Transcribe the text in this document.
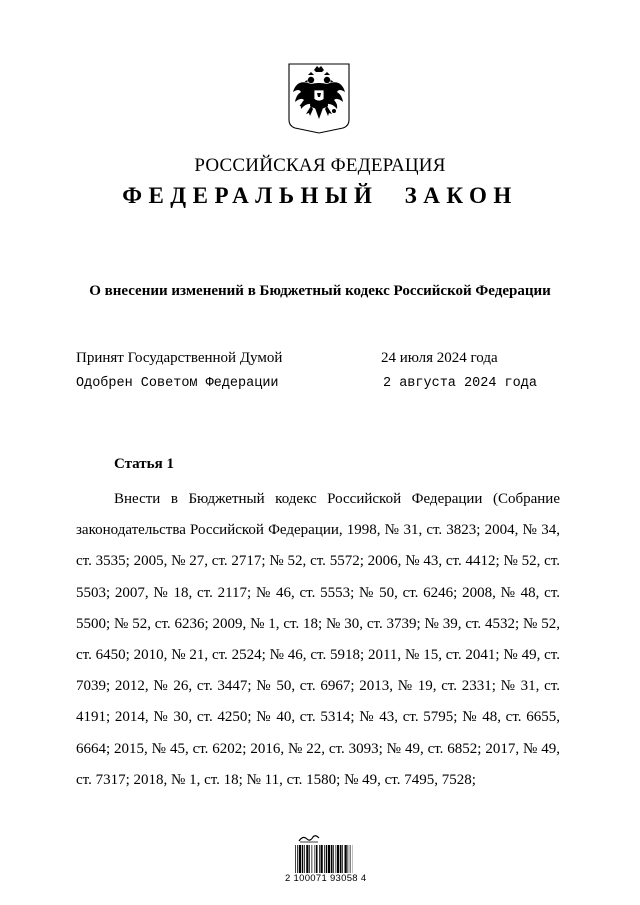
РОССИЙСКАЯ ФЕДЕРАЦИЯ
ФЕДЕРАЛЬНЫЙ ЗАКОН
О внесении изменений в Бюджетный кодекс Российской Федерации
Принят Государственной Думой	24 июля 2024 года
Одобрен Советом Федерации	2 августа 2024 года
Статья 1

Внести в Бюджетный кодекс Российской Федерации (Собрание законодательства Российской Федерации, 1998, № 31, ст. 3823; 2004, № 34, ст. 3535; 2005, № 27, ст. 2717; № 52, ст. 5572; 2006, № 43, ст. 4412; № 52, ст. 5503; 2007, № 18, ст. 2117; № 46, ст. 5553; № 50, ст. 6246; 2008, № 48, ст. 5500; № 52, ст. 6236; 2009, № 1, ст. 18; № 30, ст. 3739; № 39, ст. 4532; № 52, ст. 6450; 2010, № 21, ст. 2524; № 46, ст. 5918; 2011, № 15, ст. 2041; № 49, ст. 7039; 2012, № 26, ст. 3447; № 50, ст. 6967; 2013, № 19, ст. 2331; № 31, ст. 4191; 2014, № 30, ст. 4250; № 40, ст. 5314; № 43, ст. 5795; № 48, ст. 6655, 6664; 2015, № 45, ст. 6202; 2016, № 22, ст. 3093; № 49, ст. 6852; 2017, № 49, ст. 7317; 2018, № 1, ст. 18; № 11, ст. 1580; № 49, ст. 7495, 7528;

2 100071 93058 4
